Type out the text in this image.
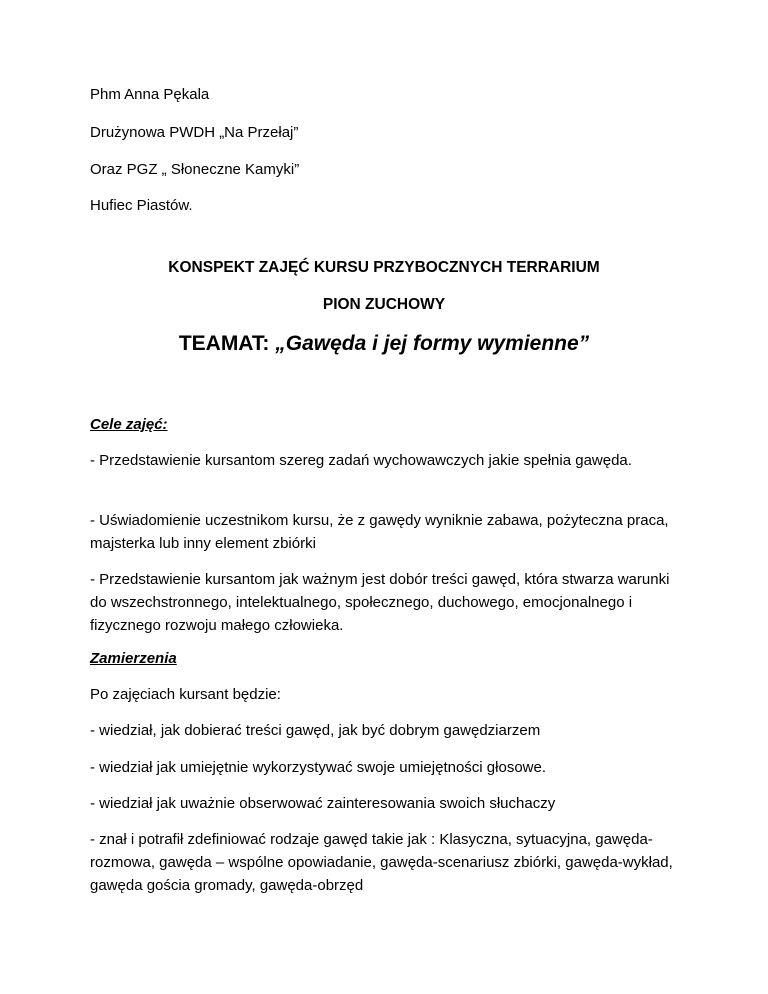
Phm Anna Pękala

Drużynowa PWDH „Na Przełaj”

Oraz PGZ „ Słoneczne Kamyki”

Hufiec Piastów.

KONSPEKT ZAJĘĆ KURSU PRZYBOCZNYCH TERRARIUM

PION ZUCHOWY

TEAMAT: „Gawęda i jej formy wymienne”

Cele zajęć:

- Przedstawienie kursantom szereg zadań wychowawczych jakie spełnia gawęda.

- Uświadomienie uczestnikom kursu, że z gawędy wyniknie zabawa, pożyteczna praca, majsterka lub inny element zbiórki

- Przedstawienie kursantom jak ważnym jest dobór treści gawęd, która stwarza warunki do wszechstronnego, intelektualnego, społecznego, duchowego, emocjonalnego i fizycznego rozwoju małego człowieka.

Zamierzenia

Po zajęciach kursant będzie:

- wiedział, jak dobierać treści gawęd, jak być dobrym gawędziarzem

- wiedział jak umiejętnie wykorzystywać swoje umiejętności głosowe.

- wiedział jak uważnie obserwować zainteresowania swoich słuchaczy

- znał i potrafił zdefiniować rodzaje gawęd takie jak : Klasyczna, sytuacyjna, gawęda-rozmowa, gawęda – wspólne opowiadanie, gawęda-scenariusz zbiórki, gawęda-wykład, gawęda gościa gromady, gawęda-obrzęd
